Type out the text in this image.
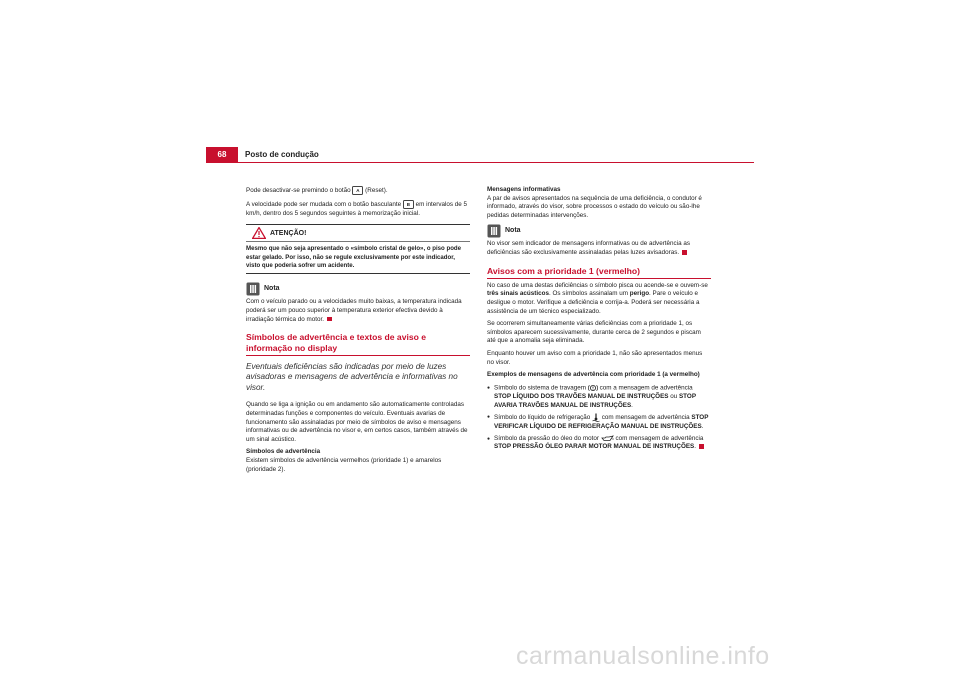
68	Posto de condução

Pode desactivar-se premindo o botão A (Reset).

A velocidade pode ser mudada com o botão basculante B em intervalos de 5 km/h, dentro dos 5 segundos seguintes à memorização inicial.

ATENÇÃO!
Mesmo que não seja apresentado o «símbolo cristal de gelo», o piso pode estar gelado. Por isso, não se regule exclusivamente por este indicador, visto que poderia sofrer um acidente.
Nota

Com o veículo parado ou a velocidades muito baixas, a temperatura indicada poderá ser um pouco superior à temperatura exterior efectiva devido à irradiação térmica do motor.

Símbolos de advertência e textos de aviso e informação no display
Eventuais deficiências são indicadas por meio de luzes avisadoras e mensagens de advertência e informativas no visor.

Quando se liga a ignição ou em andamento são automaticamente controladas determinadas funções e componentes do veículo. Eventuais avarias de funcionamento são assinaladas por meio de símbolos de aviso e mensagens informativas ou de advertência no visor e, em certos casos, também através de um sinal acústico.

Símbolos de advertência
Existem símbolos de advertência vermelhos (prioridade 1) e amarelos (prioridade 2).

Mensagens informativas
A par de avisos apresentados na sequência de uma deficiência, o condutor é informado, através do visor, sobre processos o estado do veículo ou são-lhe pedidas determinadas intervenções.

Nota

No visor sem indicador de mensagens informativas ou de advertência as deficiências são exclusivamente assinaladas pelas luzes avisadoras.

Avisos com a prioridade 1 (vermelho)

No caso de uma destas deficiências o símbolo pisca ou acende-se e ouvem-se três sinais acústicos. Os símbolos assinalam um perigo. Pare o veículo e desligue o motor. Verifique a deficiência e corrija-a. Poderá ser necessária a assistência de um técnico especializado.

Se ocorrerem simultaneamente várias deficiências com a prioridade 1, os símbolos aparecem sucessivamente, durante cerca de 2 segundos e piscam até que a anomalia seja eliminada.

Enquanto houver um aviso com a prioridade 1, não são apresentados menus no visor.

Exemplos de mensagens de advertência com prioridade 1 (a vermelho)

● Símbolo do sistema de travagem com a mensagem de advertência STOP LÍQUIDO DOS TRAVÕES MANUAL DE INSTRUÇÕES ou STOP AVARIA TRAVÕES MANUAL DE INSTRUÇÕES.
● Símbolo do líquido de refrigeração com mensagem de advertência STOP VERIFICAR LÍQUIDO DE REFRIGERAÇÃO MANUAL DE INSTRUÇÕES.
● Símbolo da pressão do óleo do motor	com mensagem de advertência STOP PRESSÃO ÓLEO PARAR MOTOR MANUAL DE INSTRUÇÕES.
carmanualsonline.info
